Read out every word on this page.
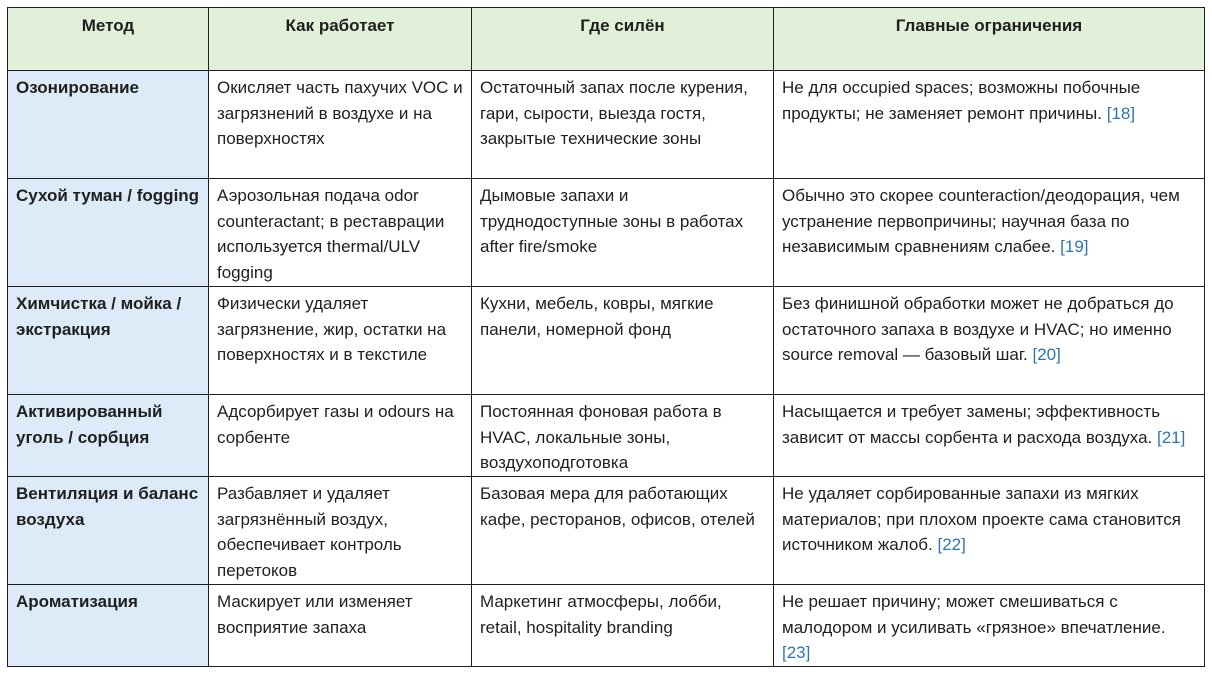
Метод	Как работает	Где силён	Главные ограничения
Озонирование	Окисляет часть пахучих VOC и загрязнений в воздухе и на поверхностях	Остаточный запах после курения, гари, сырости, выезда гостя, закрытые технические зоны	Не для occupied spaces; возможны побочные продукты; не заменяет ремонт причины. [18]
Сухой туман / fogging	Аэрозольная подача odor counteractant; в реставрации используется thermal/ULV fogging	Дымовые запахи и труднодоступные зоны в работах after fire/smoke	Обычно это скорее counteraction/деодорация, чем устранение первопричины; научная база по независимым сравнениям слабее. [19]
Химчистка / мойка / экстракция	Физически удаляет загрязнение, жир, остатки на поверхностях и в текстиле	Кухни, мебель, ковры, мягкие панели, номерной фонд	Без финишной обработки может не добраться до остаточного запаха в воздухе и HVAC; но именно source removal — базовый шаг. [20]
Активированный уголь / сорбция	Адсорбирует газы и odours на сорбенте	Постоянная фоновая работа в HVAC, локальные зоны, воздухоподготовка	Насыщается и требует замены; эффективность зависит от массы сорбента и расхода воздуха. [21]
Вентиляция и баланс воздуха	Разбавляет и удаляет загрязнённый воздух, обеспечивает контроль перетоков	Базовая мера для работающих кафе, ресторанов, офисов, отелей	Не удаляет сорбированные запахи из мягких материалов; при плохом проекте сама становится источником жалоб. [22]
Ароматизация	Маскирует или изменяет восприятие запаха	Маркетинг атмосферы, лобби, retail, hospitality branding	Не решает причину; может смешиваться с малодором и усиливать «грязное» впечатление. [23]
